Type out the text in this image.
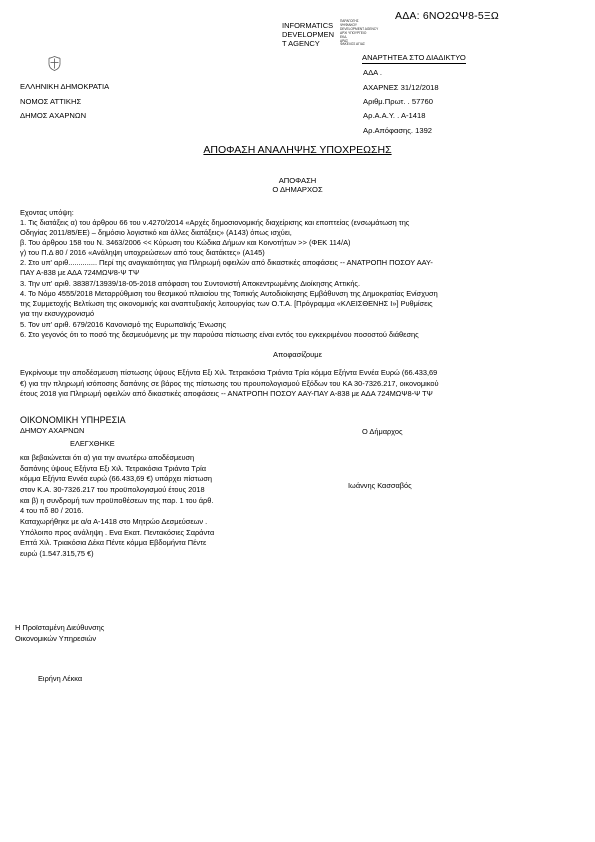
ΑΔΑ: 6ΝΟ2ΩΨ8-5ΞΩ
INFORMATICS
DEVELOPMEN
T AGENCY
ΠΑΡΑΓΩΓΗΣ
ΨΗΦΙΑΚΟΥ
DEVELOPMENT AGENCY
ΑΡΧΙ ΥΠΟΥΡΓΕΙΟ
ΕΚΔ.
ΑΡΑΣ
ΦΑΚΕΛΟΣ ΑΓΙΑΣ
ΑΝΑΡΤΗΤΕΑ ΣΤΟ ΔΙΑΔΙΚΤΥΟ
ΕΛΛΗΝΙΚΗ ΔΗΜΟΚΡΑΤΙΑ
ΝΟΜΟΣ ΑΤΤΙΚΗΣ
ΔΗΜΟΣ ΑΧΑΡΝΩΝ
ΑΔΑ .
ΑΧΑΡΝΕΣ 31/12/2018
Αριθμ.Πρωτ. . 57760
Αρ.Α.Α.Υ. . Α-1418
Αρ.Απόφασης. 1392
ΑΠΟΦΑΣΗ ΑΝΑΛΗΨΗΣ ΥΠΟΧΡΕΩΣΗΣ
ΑΠΟΦΑΣΗ
Ο ΔΗΜΑΡΧΟΣ
Εχοντας υπόψη:
1. Τις διατάξεις α) του άρθρου 66 του ν.4270/2014 «Αρχές δημοσιονομικής διαχείρισης και εποπτείας (ενσωμάτωση της
Οδηγίας 2011/85/ΕΕ) – δημόσιο λογιστικό και άλλες διατάξεις» (Α143) όπως ισχύει,
β. Του άρθρου 158 του Ν. 3463/2006 << Κύρωση του Κώδικα Δήμων και Κοινοτήτων >> (ΦΕΚ 114/Α)
γ) του Π.Δ 80 / 2016 «Ανάληψη υποχρεώσεων από τους διατάκτες» (Α145)
2. Στο υπ' αριθ.............. Περί της αναγκαιότητας για Πληρωμή οφειλών από δικαστικές αποφάσεις -- ΑΝΑΤΡΟΠΗ ΠΟΣΟΥ ΑΑΥ-
ΠΑΥ Α-838 με ΑΔΑ 724ΜΩΨ8-Ψ ΤΨ
3. Την υπ' αριθ. 38387/13939/18-05-2018 απόφαση του Συντονιστή Αποκεντρωμένης Διοίκησης Αττικής.
4. Το Νόμο 4555/2018 Μεταρρύθμιση του θεσμικού πλαισίου της Τοπικής Αυτοδιοίκησης Εμβάθυνση της Δημοκρατίας Ενίσχυση
της Συμμετοχής Βελτίωση της οικονομικής και αναπτυξιακής λειτουργίας των Ο.Τ.Α. [Πρόγραμμα «ΚΛΕΙΣΘΕΝΗΣ Ι»] Ρυθμίσεις
για την εκσυγχρονισμό
5. Τον υπ' αριθ. 679/2016 Κανονισμό της Ευρωπαϊκής Ένωσης
6. Στο γεγονός ότι το ποσό της δεσμευόμενης με την παρούσα πίστωσης είναι εντός του εγκεκριμένου ποσοστού διάθεσης
Αποφασίζουμε
Εγκρίνουμε την αποδέσμευση πίστωσης ύψους Εξήντα Εξι Χιλ. Τετρακόσια Τριάντα Τρία κόμμα Εξήντα Εννέα Ευρώ (66.433,69
€) για την πληρωμή ισόποσης δαπάνης σε βάρος της πίστωσης του προυπολογισμού Εξόδων του ΚΑ 30-7326.217, οικονομικού
έτους 2018 για Πληρωμή οφειλών από δικαστικές αποφάσεις -- ΑΝΑΤΡΟΠΗ ΠΟΣΟΥ ΑΑΥ-ΠΑΥ Α-838 με ΑΔΑ 724ΜΩΨ8-Ψ ΤΨ
ΟΙΚΟΝΟΜΙΚΗ ΥΠΗΡΕΣΙΑ
ΔΗΜΟΥ ΑΧΑΡΝΩΝ
ΕΛΕΓΧΘΗΚΕ
και βεβαιώνεται ότι α) για την ανωτέρω αποδέσμευση
δαπάνης ύψους Εξήντα Εξι Χιλ. Τετρακόσια Τριάντα Τρία
κόμμα Εξήντα Εννέα ευρώ (66.433,69 €) υπάρχει πίστωση
στον Κ.Α. 30-7326.217 του προϋπολογισμού έτους 2018
και β) η συνδρομή των προϋποθέσεων της παρ. 1 του άρθ.
4 του πδ 80 / 2016.
Καταχωρήθηκε με α/α Α-1418 στο Μητρώο Δεσμεύσεων .
Υπόλοιπο προς ανάληψη . Ενα Εκατ. Πεντακόσιες Σαράντα
Επτά Χιλ. Τριακόσια Δέκα Πέντε κόμμα Εβδομήντα Πέντε
ευρώ (1.547.315,75 €)
Ο Δήμαρχος
Ιωάννης Κασσαβός
Η Προϊσταμένη Διεύθυνσης
Οικονομικών Υπηρεσιών
Ειρήνη Λέκκα
